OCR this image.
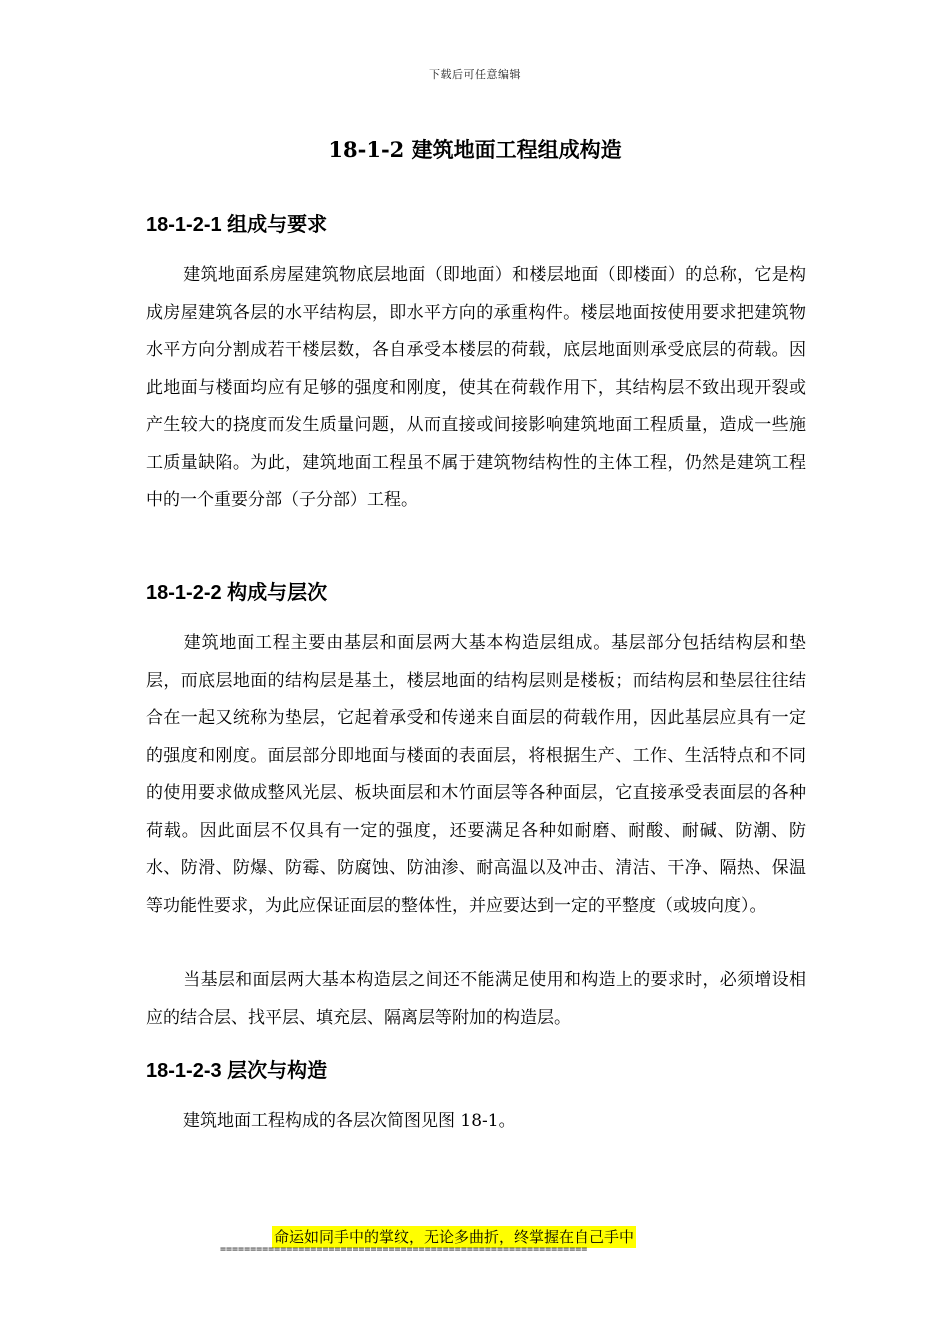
下载后可任意编辑
18-1-2 建筑地面工程组成构造
18-1-2-1 组成与要求
建筑地面系房屋建筑物底层地面（即地面）和楼层地面（即楼面）的总称，它是构成房屋建筑各层的水平结构层，即水平方向的承重构件。楼层地面按使用要求把建筑物水平方向分割成若干楼层数，各自承受本楼层的荷载，底层地面则承受底层的荷载。因此地面与楼面均应有足够的强度和刚度，使其在荷载作用下，其结构层不致出现开裂或产生较大的挠度而发生质量问题，从而直接或间接影响建筑地面工程质量，造成一些施工质量缺陷。为此，建筑地面工程虽不属于建筑物结构性的主体工程，仍然是建筑工程中的一个重要分部（子分部）工程。
18-1-2-2 构成与层次
建筑地面工程主要由基层和面层两大基本构造层组成。基层部分包括结构层和垫层，而底层地面的结构层是基土，楼层地面的结构层则是楼板；而结构层和垫层往往结合在一起又统称为垫层，它起着承受和传递来自面层的荷载作用，因此基层应具有一定的强度和刚度。面层部分即地面与楼面的表面层，将根据生产、工作、生活特点和不同的使用要求做成整风光层、板块面层和木竹面层等各种面层，它直接承受表面层的各种荷载。因此面层不仅具有一定的强度，还要满足各种如耐磨、耐酸、耐碱、防潮、防水、防滑、防爆、防霉、防腐蚀、防油渗、耐高温以及冲击、清洁、干净、隔热、保温等功能性要求，为此应保证面层的整体性，并应要达到一定的平整度（或坡向度）。
当基层和面层两大基本构造层之间还不能满足使用和构造上的要求时，必须增设相应的结合层、找平层、填充层、隔离层等附加的构造层。
18-1-2-3 层次与构造
建筑地面工程构成的各层次简图见图 18-1。
命运如同手中的掌纹，无论多曲折，终掌握在自己手中
=============================================================
